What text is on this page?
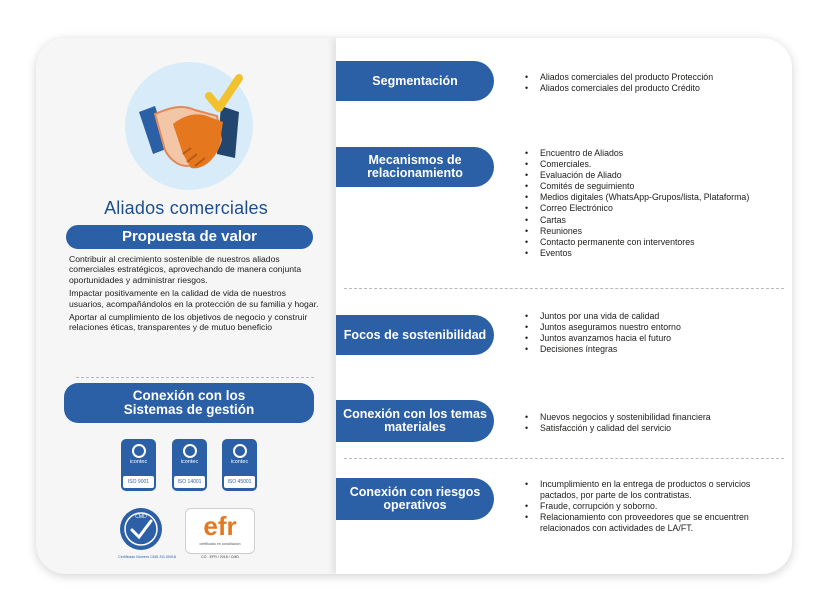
Aliados comerciales
Propuesta de valor

Contribuir al crecimiento sostenible de nuestros aliados comerciales estratégicos, aprovechando de manera conjunta oportunidades y administrar riesgos.

Impactar positivamente en la calidad de vida de nuestros usuarios, acompañándolos en la protección de su familia y hogar.

Aportar al cumplimiento de los objetivos de negocio y construir relaciones éticas, transparentes y de mutuo beneficio

Conexión con los
Sistemas de gestión
icontec
ISO 9001
icontec
ISO 14001
icontec
ISO 45001
CMD
Certificado Número CMD-SG-00018
efr
certificado en conciliación
CO - EFR / 2018 / CMD
Segmentación
•	Aliados comerciales del producto Protección
• Aliados comerciales del producto Crédito
Mecanismos de relacionamiento
• Encuentro de Aliados
• Comerciales.
• Evaluación de Aliado
• Comités de seguimiento
• Medios digitales (WhatsApp-Grupos/lista, Plataforma)
• Correo Electrónico
• Cartas
• Reuniones
• Contacto permanente con interventores
• Eventos
Focos de sostenibilidad
• Juntos por una vida de calidad
• Juntos aseguramos nuestro entorno
• Juntos avanzamos hacia el futuro
• Decisiones íntegras
Conexión con los temas materiales
• Nuevos negocios y sostenibilidad financiera
• Satisfacción y calidad del servicio
Conexión con riesgos operativos
• Incumplimiento en la entrega de productos o servicios pactados, por parte de los contratistas.
• Fraude, corrupción y soborno.
• Relacionamiento con proveedores que se encuentren relacionados con actividades de LA/FT.
